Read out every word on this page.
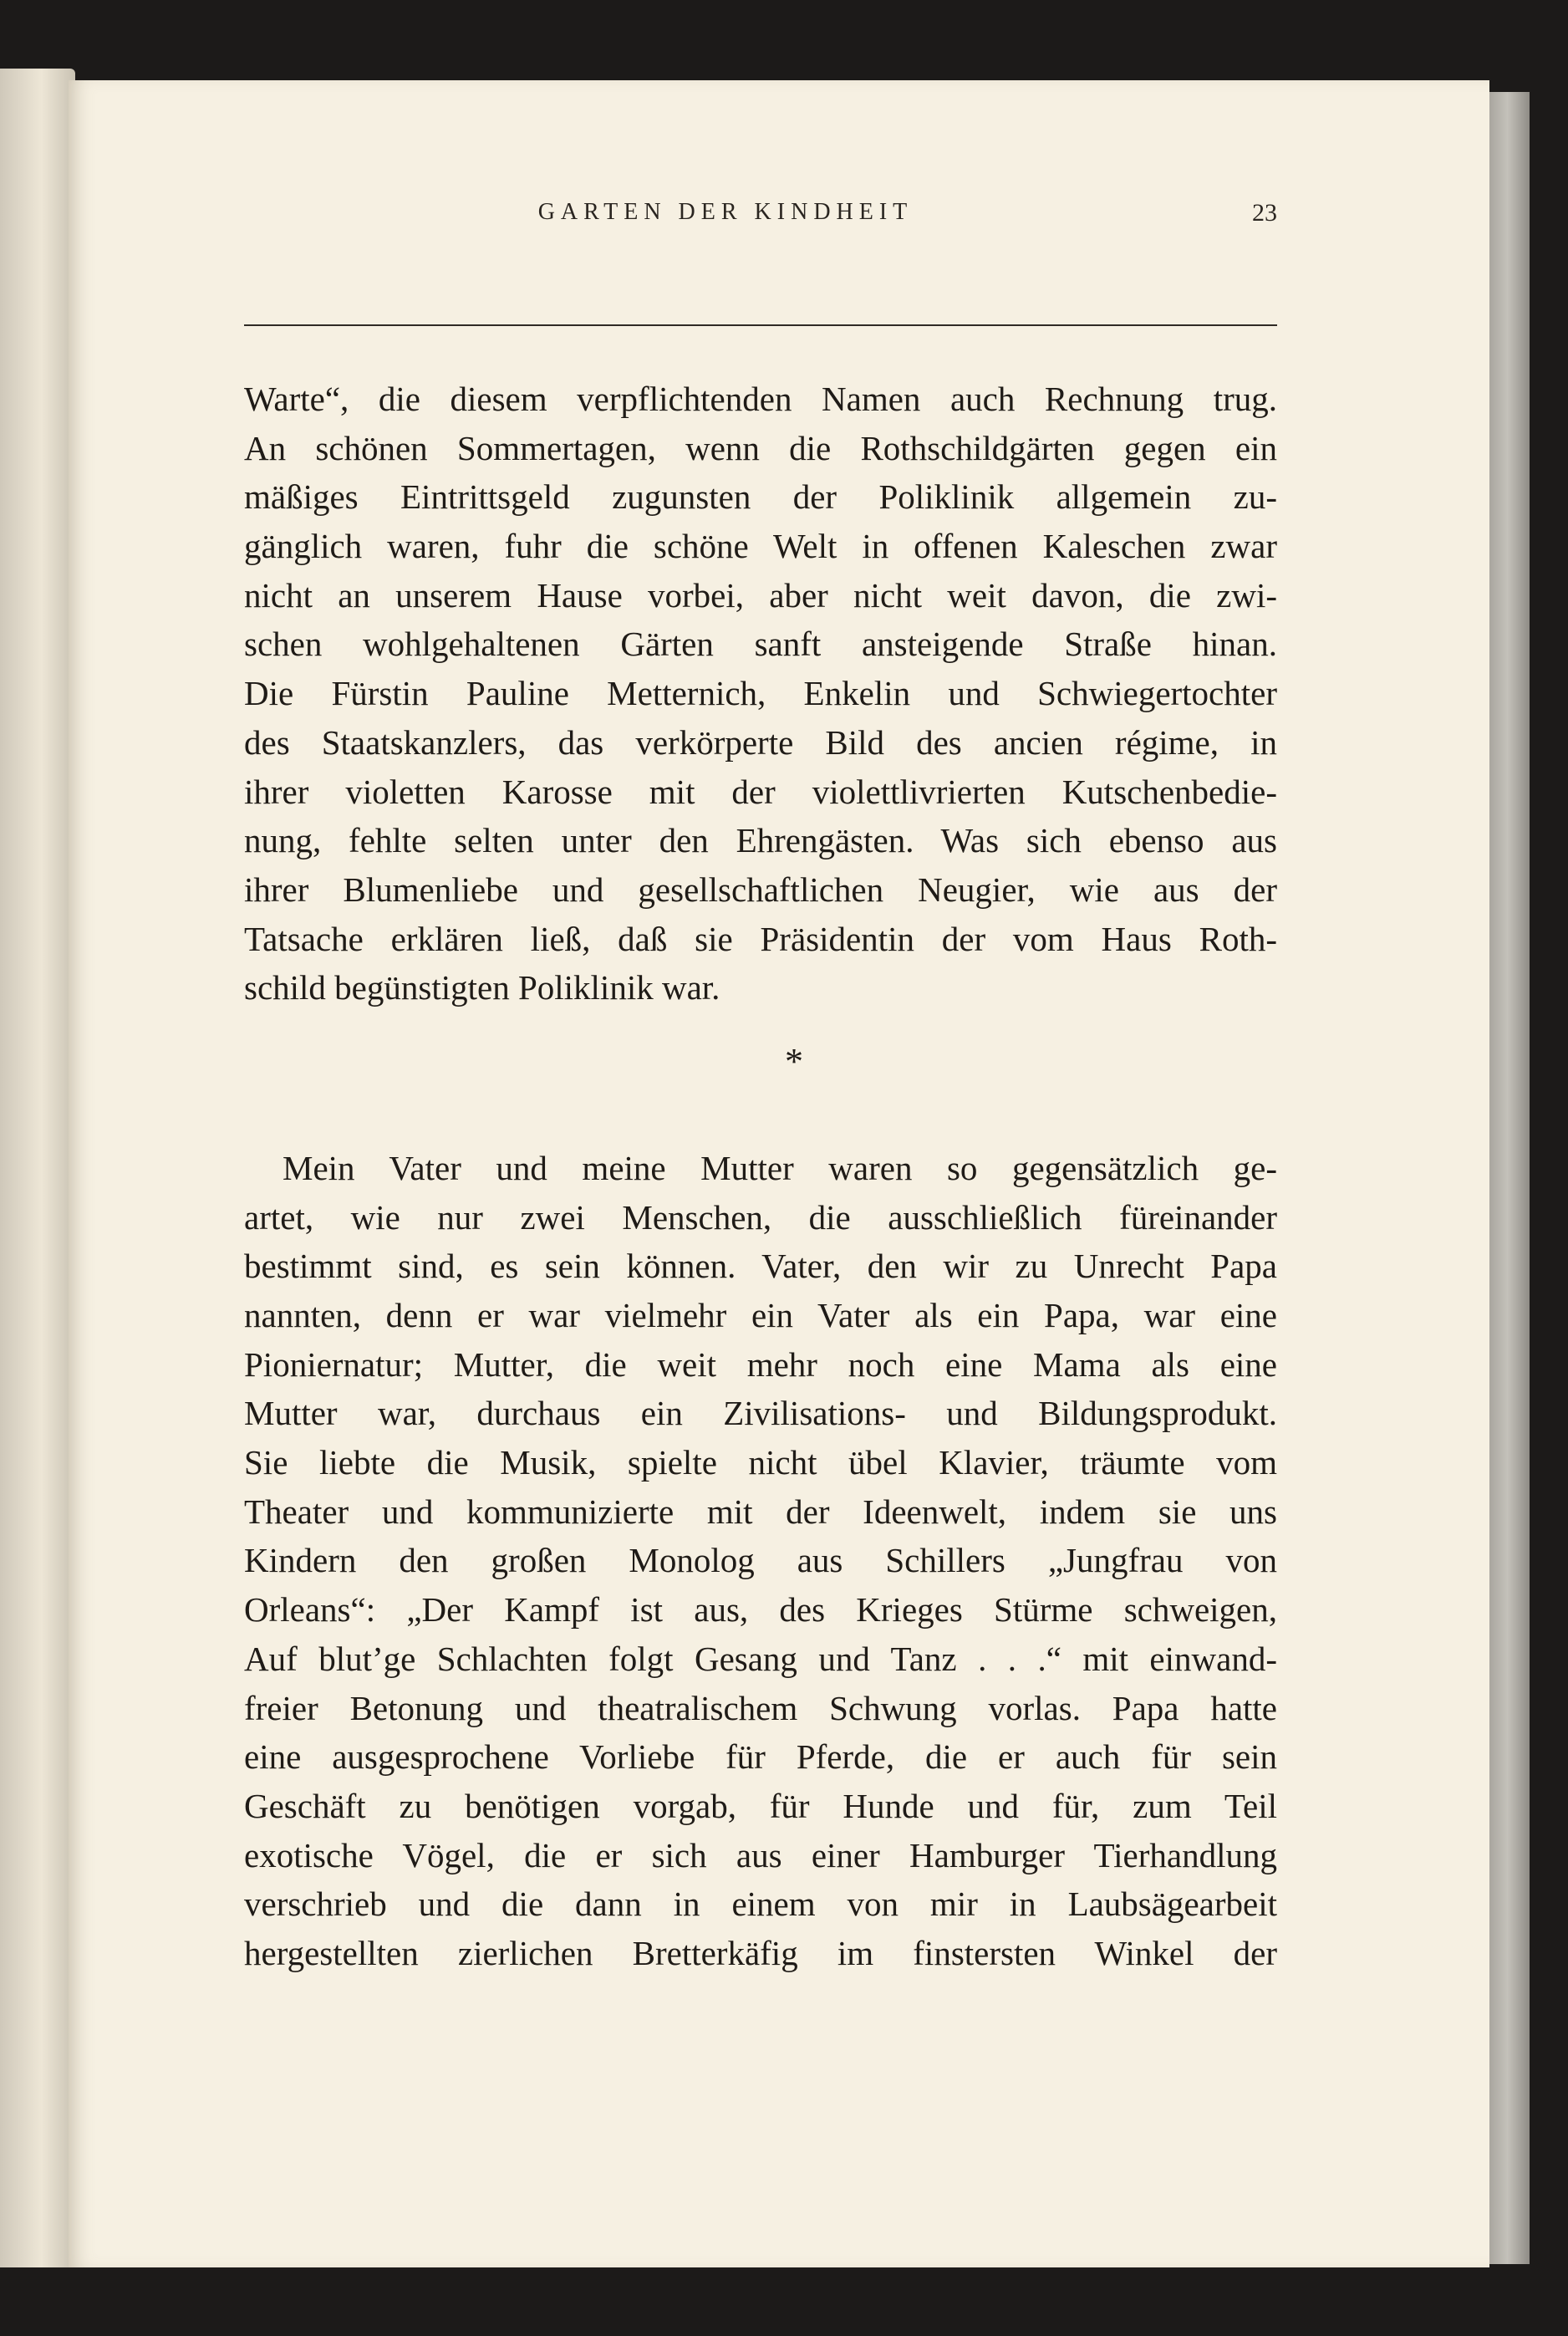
GARTEN DER KINDHEIT	23
Warte“, die diesem verpflichtenden Namen auch Rechnung trug.
An schönen Sommertagen, wenn die Rothschildgärten gegen ein
mäßiges Eintrittsgeld zugunsten der Poliklinik allgemein zu-
gänglich waren, fuhr die schöne Welt in offenen Kaleschen zwar
nicht an unserem Hause vorbei, aber nicht weit davon, die zwi-
schen wohlgehaltenen Gärten sanft ansteigende Straße hinan.
Die Fürstin Pauline Metternich, Enkelin und Schwiegertochter
des Staatskanzlers, das verkörperte Bild des ancien régime, in
ihrer violetten Karosse mit der violettlivrierten Kutschenbedie-
nung, fehlte selten unter den Ehrengästen. Was sich ebenso aus
ihrer Blumenliebe und gesellschaftlichen Neugier, wie aus der
Tatsache erklären ließ, daß sie Präsidentin der vom Haus Roth-
schild begünstigten Poliklinik war.
*
Mein Vater und meine Mutter waren so gegensätzlich ge-
artet, wie nur zwei Menschen, die ausschließlich füreinander
bestimmt sind, es sein können. Vater, den wir zu Unrecht Papa
nannten, denn er war vielmehr ein Vater als ein Papa, war eine
Pioniernatur; Mutter, die weit mehr noch eine Mama als eine
Mutter war, durchaus ein Zivilisations- und Bildungsprodukt.
Sie liebte die Musik, spielte nicht übel Klavier, träumte vom
Theater und kommunizierte mit der Ideenwelt, indem sie uns
Kindern den großen Monolog aus Schillers „Jungfrau von
Orleans“: „Der Kampf ist aus, des Krieges Stürme schweigen,
Auf blut’ge Schlachten folgt Gesang und Tanz . . .“ mit einwand-
freier Betonung und theatralischem Schwung vorlas. Papa hatte
eine ausgesprochene Vorliebe für Pferde, die er auch für sein
Geschäft zu benötigen vorgab, für Hunde und für, zum Teil
exotische Vögel, die er sich aus einer Hamburger Tierhandlung
verschrieb und die dann in einem von mir in Laubsägearbeit
hergestellten zierlichen Bretterkäfig im finstersten Winkel der
